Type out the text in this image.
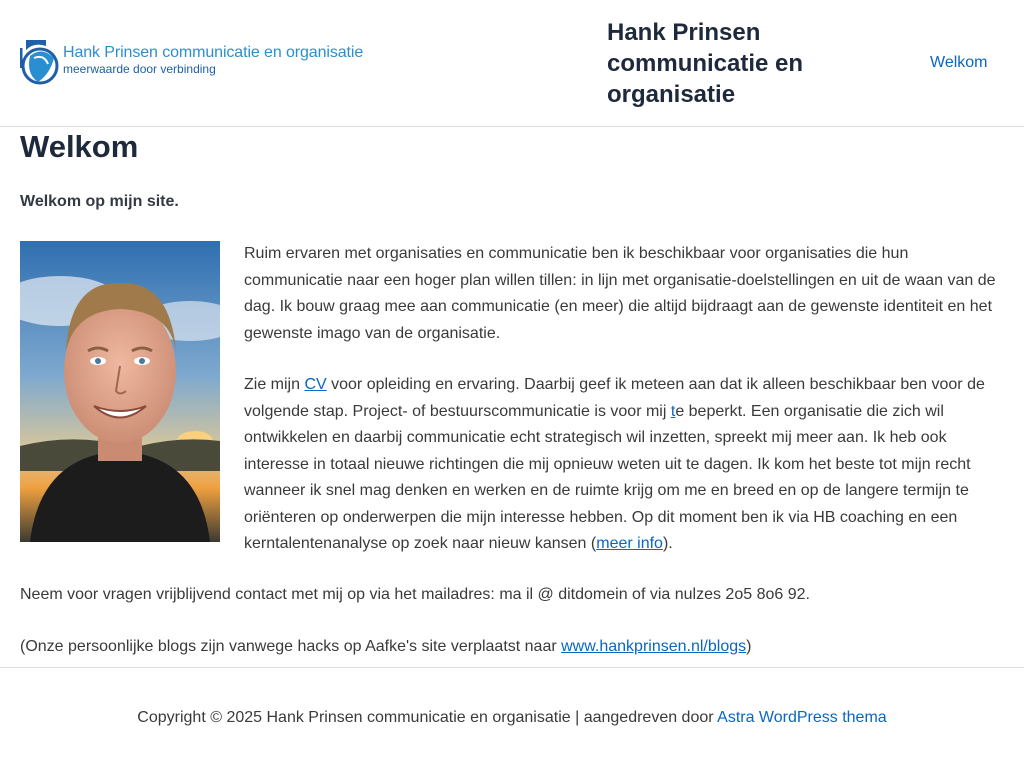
Hank Prinsen communicatie en organisatie
meerwaarde door verbinding
Hank Prinsen communicatie en organisatie
Welkom
Welkom
Welkom op mijn site.

Ruim ervaren met organisaties en communicatie ben ik beschikbaar voor organisaties die hun communicatie naar een hoger plan willen tillen: in lijn met organisatie-doelstellingen en uit de waan van de dag. Ik bouw graag mee aan communicatie (en meer) die altijd bijdraagt aan de gewenste identiteit en het gewenste imago van de organisatie.

Zie mijn CV voor opleiding en ervaring. Daarbij geef ik meteen aan dat ik alleen beschikbaar ben voor de volgende stap. Project- of bestuurscommunicatie is voor mij te beperkt. Een organisatie die zich wil ontwikkelen en daarbij communicatie echt strategisch wil inzetten, spreekt mij meer aan. Ik heb ook interesse in totaal nieuwe richtingen die mij opnieuw weten uit te dagen. Ik kom het beste tot mijn recht wanneer ik snel mag denken en werken en de ruimte krijg om me en breed en op de langere termijn te oriënteren op onderwerpen die mijn interesse hebben. Op dit moment ben ik via HB coaching en een kerntalentenanalyse op zoek naar nieuw kansen (meer info).

Neem voor vragen vrijblijvend contact met mij op via het mailadres: ma il @ ditdomein of via nulzes 2o5 8o6 92.

(Onze persoonlijke blogs zijn vanwege hacks op Aafke's site verplaatst naar www.hankprinsen.nl/blogs)

Copyright © 2025 Hank Prinsen communicatie en organisatie | aangedreven door Astra WordPress thema
